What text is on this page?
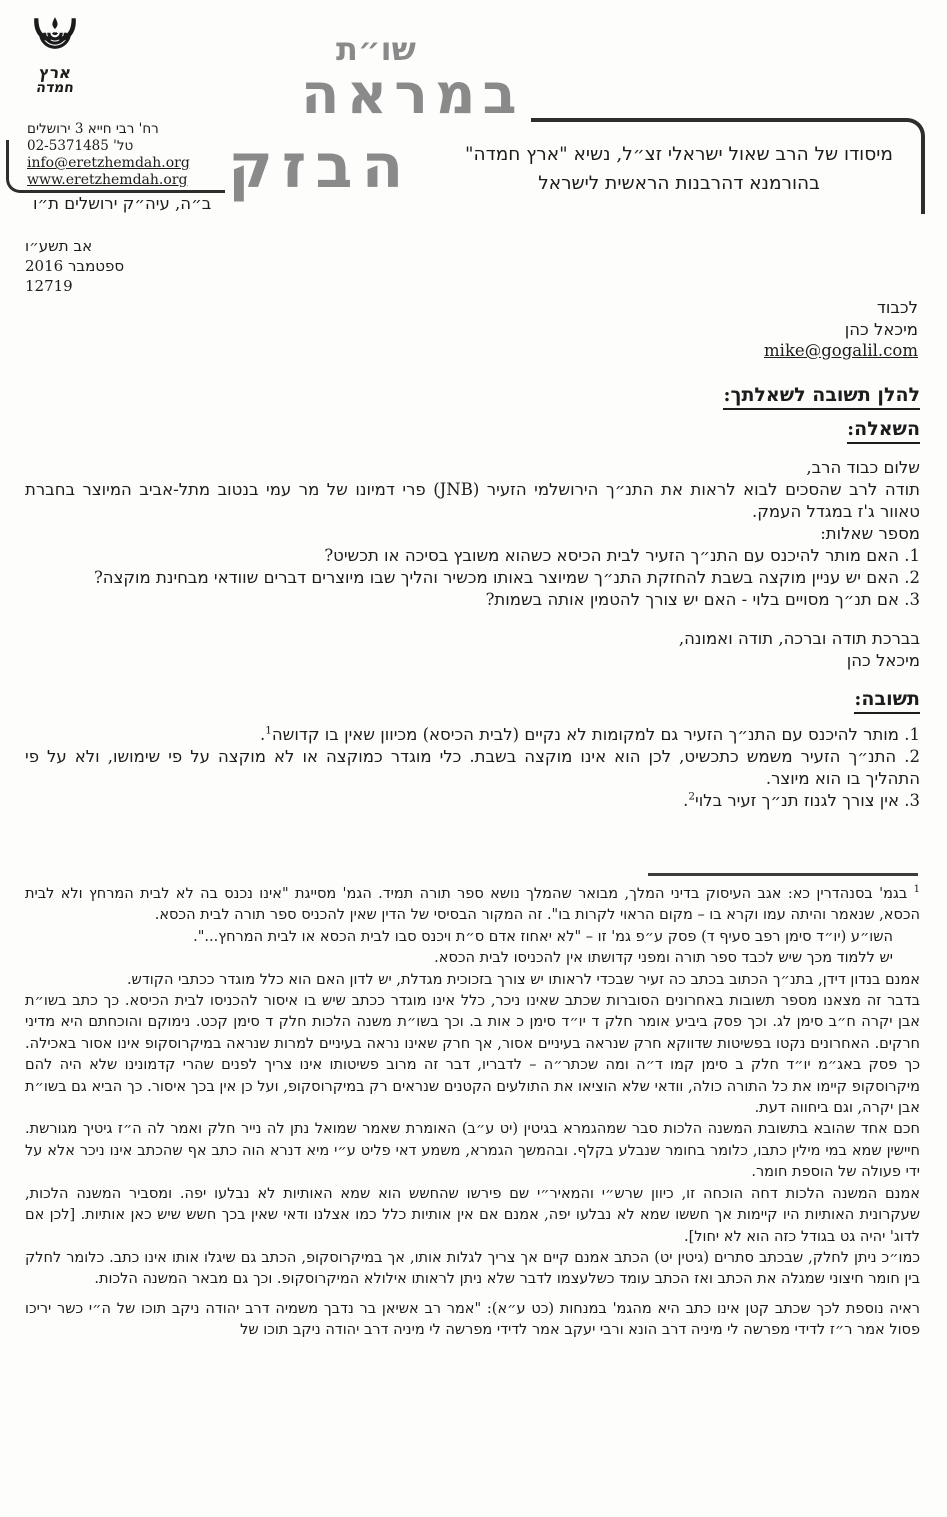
ארץ
חמדה
רח' רבי חייא 3 ירושלים
טל' 02-5371485
info@eretzhemdah.org
www.eretzhemdah.org
ב״ה, עיה״ק ירושלים ת״ו
שו״ת
במראה
הבזק	מיסודו של הרב שאול ישראלי זצ״ל, נשיא "ארץ חמדה"
בהורמנא דהרבנות הראשית לישראל
אב תשע״ו
ספטמבר 2016
12719
לכבוד
מיכאל כהן
mike@gogalil.com
להלן תשובה לשאלתך:
השאלה:
שלום כבוד הרב,
תודה לרב שהסכים לבוא לראות את התנ״ך הירושלמי הזעיר (JNB) פרי דמיונו של מר עמי בנטוב מתל-אביב המיוצר בחברת טאוור ג'ז במגדל העמק.
מספר שאלות:
1. האם מותר להיכנס עם התנ״ך הזעיר לבית הכיסא כשהוא משובץ בסיכה או תכשיט?
2. האם יש עניין מוקצה בשבת להחזקת התנ״ך שמיוצר באותו מכשיר והליך שבו מיוצרים דברים שוודאי מבחינת מוקצה?
3. אם תנ״ך מסויים בלוי - האם יש צורך להטמין אותה בשמות?
בברכת תודה וברכה, תודה ואמונה,
מיכאל כהן
תשובה:
1. מותר להיכנס עם התנ״ך הזעיר גם למקומות לא נקיים (לבית הכיסא) מכיוון שאין בו קדושה$^1$.
2. התנ״ך הזעיר משמש כתכשיט, לכן הוא אינו מוקצה בשבת. כלי מוגדר כמוקצה או לא מוקצה על פי שימושו, ולא על פי התהליך בו הוא מיוצר.
3. אין צורך לגנוז תנ״ך זעיר בלוי$^2$.

$^1$ בגמ' בסנהדרין כא: אגב העיסוק בדיני המלך, מבואר שהמלך נושא ספר תורה תמיד. הגמ' מסייגת "אינו נכנס בה לא לבית המרחץ ולא לבית הכסא, שנאמר והיתה עמו וקרא בו – מקום הראוי לקרות בו". זה המקור הבסיסי של הדין שאין להכניס ספר תורה לבית הכסא.

השו״ע (יו״ד סימן רפב סעיף ד) פסק ע״פ גמ' זו – "לא יאחוז אדם ס״ת ויכנס סבו לבית הכסא או לבית המרחץ...".

יש ללמוד מכך שיש לכבד ספר תורה ומפני קדושתו אין להכניסו לבית הכסא.

אמנם בנדון דידן, בתנ״ך הכתוב בכתב כה זעיר שבכדי לראותו יש צורך בזכוכית מגדלת, יש לדון האם הוא כלל מוגדר ככתבי הקודש.

בדבר זה מצאנו מספר תשובות באחרונים הסוברות שכתב שאינו ניכר, כלל אינו מוגדר ככתב שיש בו איסור להכניסו לבית הכיסא. כך כתב בשו״ת אבן יקרה ח״ב סימן לג. וכך פסק ביביע אומר חלק ד יו״ד סימן כ אות ב. וכך בשו״ת משנה הלכות חלק ד סימן קכט. נימוקם והוכחתם היא מדיני חרקים. האחרונים נקטו בפשיטות שדווקא חרק שנראה בעיניים אסור, אך חרק שאינו נראה בעיניים למרות שנראה במיקרוסקופ אינו אסור באכילה. כך פסק באג״מ יו״ד חלק ב סימן קמו ד״ה ומה שכתר״ה – לדבריו, דבר זה מרוב פשיטותו אינו צריך לפנים שהרי קדמונינו שלא היה להם מיקרוסקופ קיימו את כל התורה כולה, וודאי שלא הוציאו את התולעים הקטנים שנראים רק במיקרוסקופ, ועל כן אין בכך איסור. כך הביא גם בשו״ת אבן יקרה, וגם ביחווה דעת.

חכם אחד שהובא בתשובת המשנה הלכות סבר שמהגמרא בגיטין (יט ע״ב) האומרת שאמר שמואל נתן לה נייר חלק ואמר לה ה״ז גיטיך מגורשת. חיישין שמא במי מילין כתבו, כלומר בחומר שנבלע בקלף. ובהמשך הגמרא, משמע דאי פליט ע״י מיא דנרא הוה כתב אף שהכתב אינו ניכר אלא על ידי פעולה של הוספת חומר.

אמנם המשנה הלכות דחה הוכחה זו, כיוון שרש״י והמאיר״י שם פירשו שהחשש הוא שמא האותיות לא נבלעו יפה. ומסביר המשנה הלכות, שעקרונית האותיות היו קיימות אך חששו שמא לא נבלעו יפה, אמנם אם אין אותיות כלל כמו אצלנו ודאי שאין בכך חשש שיש כאן אותיות. [לכן אם לדוג' יהיה גט בגודל כזה הוא לא יחול].

כמו״כ ניתן לחלק, שבכתב סתרים (גיטין יט) הכתב אמנם קיים אך צריך לגלות אותו, אך במיקרוסקופ, הכתב גם שיגלו אותו אינו כתב. כלומר לחלק בין חומר חיצוני שמגלה את הכתב ואז הכתב עומד כשלעצמו לדבר שלא ניתן לראותו אילולא המיקרוסקופ. וכך גם מבאר המשנה הלכות.

ראיה נוספת לכך שכתב קטן אינו כתב היא מהגמ' במנחות (כט ע״א): "אמר רב אשיאן בר נדבך משמיה דרב יהודה ניקב תוכו של ה״י כשר יריכו פסול אמר ר״ז לדידי מפרשה לי מיניה דרב הונא ורבי יעקב אמר לדידי מפרשה לי מיניה דרב יהודה ניקב תוכו של
